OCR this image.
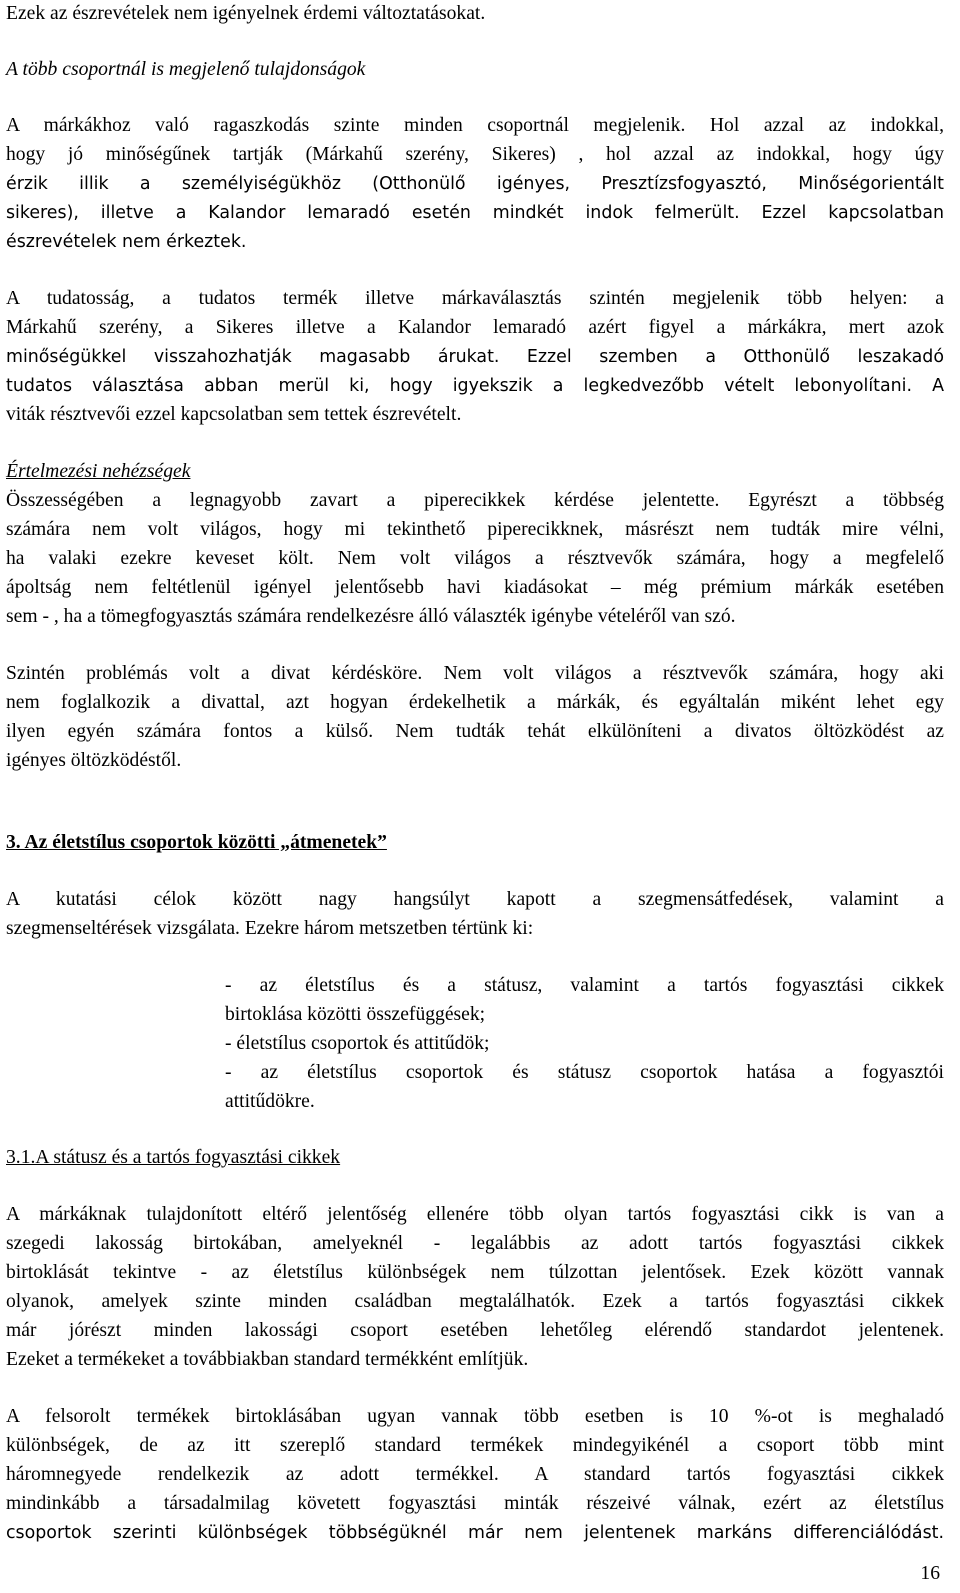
Ezek az észrevételek nem igényelnek érdemi változtatásokat.
A több csoportnál is megjelenő tulajdonságok
A márkákhoz való ragaszkodás szinte minden csoportnál megjelenik. Hol azzal az indokkal,
hogy jó minőségűnek tartják (Márkahű szerény, Sikeres) , hol azzal az indokkal, hogy úgy
érzik illik a személyiségükhöz (Otthonülő igényes, Presztízsfogyasztó, Minőségorientált
sikeres), illetve a Kalandor lemaradó esetén mindkét indok felmerült. Ezzel kapcsolatban
észrevételek nem érkeztek.
A tudatosság, a tudatos termék illetve márkaválasztás szintén megjelenik több helyen: a
Márkahű szerény, a Sikeres illetve a Kalandor lemaradó azért figyel a márkákra, mert azok
minőségükkel visszahozhatják magasabb árukat. Ezzel szemben a Otthonülő leszakadó
tudatos választása abban merül ki, hogy igyekszik a legkedvezőbb vételt lebonyolítani. A
viták résztvevői ezzel kapcsolatban sem tettek észrevételt.
Értelmezési nehézségek
Összességében a legnagyobb zavart a piperecikkek kérdése jelentette. Egyrészt a többség
számára nem volt világos, hogy mi tekinthető piperecikknek, másrészt nem tudták mire vélni,
ha valaki ezekre keveset költ. Nem volt világos a résztvevők számára, hogy a megfelelő
ápoltság nem feltétlenül igényel jelentősebb havi kiadásokat – még prémium márkák esetében
sem - , ha a tömegfogyasztás számára rendelkezésre álló választék igénybe vételéről van szó.
Szintén problémás volt a divat kérdésköre. Nem volt világos a résztvevők számára, hogy aki
nem foglalkozik a divattal, azt hogyan érdekelhetik a márkák, és egyáltalán miként lehet egy
ilyen egyén számára fontos a külső. Nem tudták tehát elkülöníteni a divatos öltözködést az
igényes öltözködéstől.
3. Az életstílus csoportok közötti „átmenetek”
A kutatási célok között nagy hangsúlyt kapott a szegmensátfedések, valamint a
szegmenseltérések vizsgálata. Ezekre három metszetben tértünk ki:
- az életstílus és a státusz, valamint a tartós fogyasztási cikkek
birtoklása közötti összefüggések;
- életstílus csoportok és attitűdök;
- az életstílus csoportok és státusz csoportok hatása a fogyasztói
attitűdökre.
3.1.A státusz és a tartós fogyasztási cikkek
A márkáknak tulajdonított eltérő jelentőség ellenére több olyan tartós fogyasztási cikk is van a
szegedi lakosság birtokában, amelyeknél - legalábbis az adott tartós fogyasztási cikkek
birtoklását tekintve - az életstílus különbségek nem túlzottan jelentősek. Ezek között vannak
olyanok, amelyek szinte minden családban megtalálhatók. Ezek a tartós fogyasztási cikkek
már jórészt minden lakossági csoport esetében lehetőleg elérendő standardot jelentenek.
Ezeket a termékeket a továbbiakban standard termékként említjük.
A felsorolt termékek birtoklásában ugyan vannak több esetben is 10 %-ot is meghaladó
különbségek, de az itt szereplő standard termékek mindegyikénél a csoport több mint
háromnegyede rendelkezik az adott termékkel. A standard tartós fogyasztási cikkek
mindinkább a társadalmilag követett fogyasztási minták részeivé válnak, ezért az életstílus
csoportok szerinti különbségek többségüknél már nem jelentenek markáns differenciálódást.
16
